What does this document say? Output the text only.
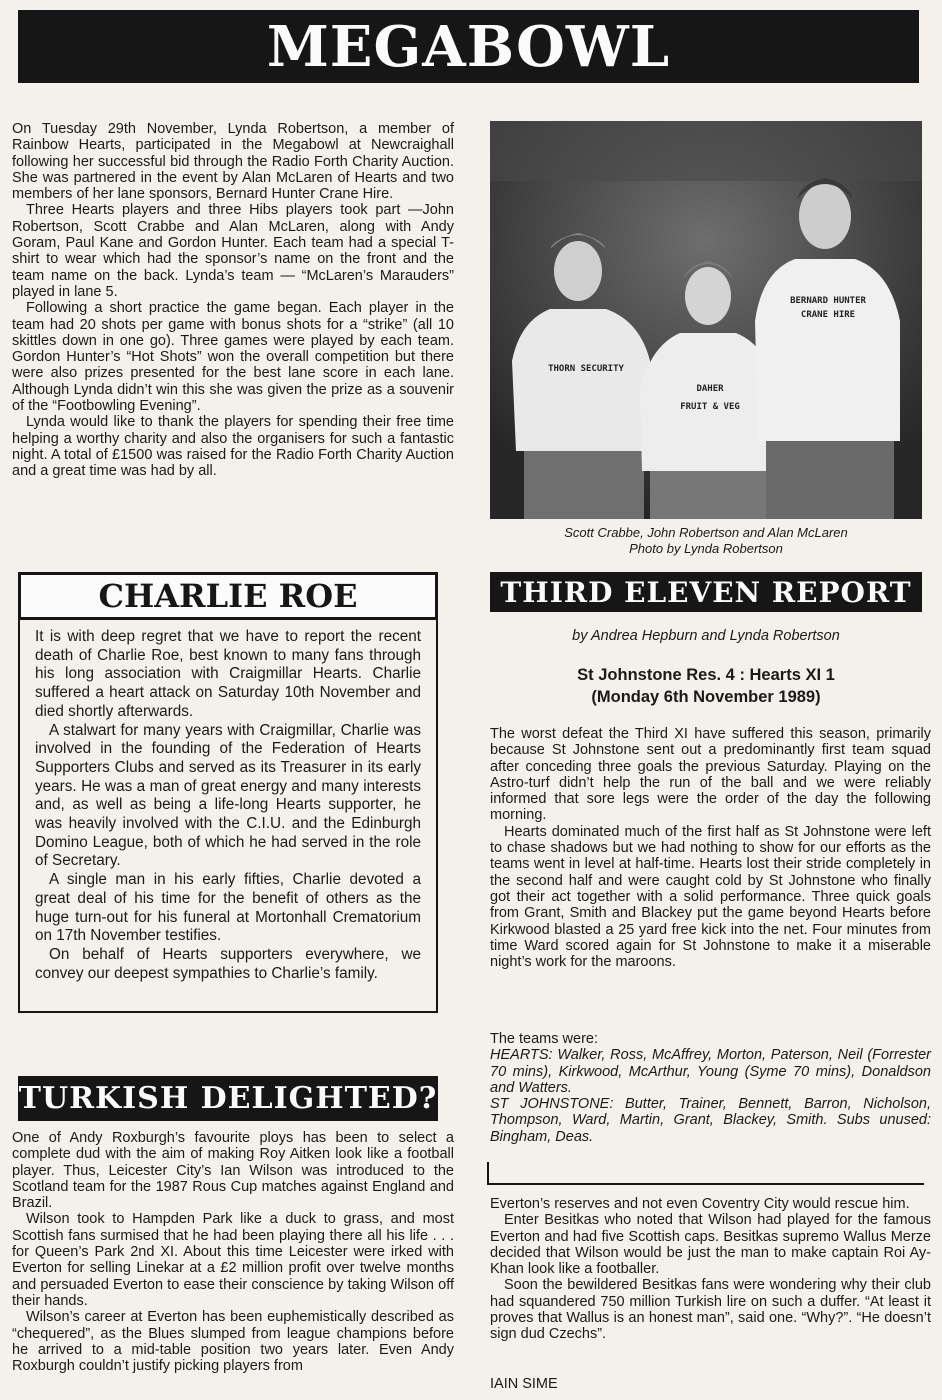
MEGABOWL

On Tuesday 29th November, Lynda Robertson, a member of Rainbow Hearts, participated in the Megabowl at Newcraighall following her successful bid through the Radio Forth Charity Auction. She was partnered in the event by Alan McLaren of Hearts and two members of her lane sponsors, Bernard Hunter Crane Hire.

Three Hearts players and three Hibs players took part —John Robertson, Scott Crabbe and Alan McLaren, along with Andy Goram, Paul Kane and Gordon Hunter. Each team had a special T-shirt to wear which had the sponsor’s name on the front and the team name on the back. Lynda’s team — “McLaren’s Marauders” played in lane 5.

Following a short practice the game began. Each player in the team had 20 shots per game with bonus shots for a “strike” (all 10 skittles down in one go). Three games were played by each team. Gordon Hunter’s “Hot Shots” won the overall competition but there were also prizes presented for the best lane score in each lane. Although Lynda didn’t win this she was given the prize as a souvenir of the “Footbowling Evening”.

Lynda would like to thank the players for spending their free time helping a worthy charity and also the organisers for such a fantastic night. A total of £1500 was raised for the Radio Forth Charity Auction and a great time was had by all.

THORN SECURITY
DAHER
FRUIT & VEG
BERNARD HUNTER
CRANE HIRE
Scott Crabbe, John Robertson and Alan McLaren
Photo by Lynda Robertson
CHARLIE ROE

It is with deep regret that we have to report the recent death of Charlie Roe, best known to many fans through his long association with Craigmillar Hearts. Charlie suffered a heart attack on Saturday 10th November and died shortly afterwards.

A stalwart for many years with Craigmillar, Charlie was involved in the founding of the Federation of Hearts Supporters Clubs and served as its Treasurer in its early years. He was a man of great energy and many interests and, as well as being a life-long Hearts supporter, he was heavily involved with the C.I.U. and the Edinburgh Domino League, both of which he had served in the role of Secretary.

A single man in his early fifties, Charlie devoted a great deal of his time for the benefit of others as the huge turn-out for his funeral at Mortonhall Crematorium on 17th November testifies.

On behalf of Hearts supporters everywhere, we convey our deepest sympathies to Charlie’s family.

THIRD ELEVEN REPORT
by Andrea Hepburn and Lynda Robertson
St Johnstone Res. 4 : Hearts XI 1
(Monday 6th November 1989)

The worst defeat the Third XI have suffered this season, primarily because St Johnstone sent out a predominantly first team squad after conceding three goals the previous Saturday. Playing on the Astro-turf didn’t help the run of the ball and we were reliably informed that sore legs were the order of the day the following morning.

Hearts dominated much of the first half as St Johnstone were left to chase shadows but we had nothing to show for our efforts as the teams went in level at half-time. Hearts lost their stride completely in the second half and were caught cold by St Johnstone who finally got their act together with a solid performance. Three quick goals from Grant, Smith and Blackey put the game beyond Hearts before Kirkwood blasted a 25 yard free kick into the net. Four minutes from time Ward scored again for St Johnstone to make it a miserable night’s work for the maroons.

The teams were:

HEARTS: Walker, Ross, McAffrey, Morton, Paterson, Neil (Forrester 70 mins), Kirkwood, McArthur, Young (Syme 70 mins), Donaldson and Watters.

ST JOHNSTONE: Butter, Trainer, Bennett, Barron, Nicholson, Thompson, Ward, Martin, Grant, Blackey, Smith. Subs unused: Bingham, Deas.

TURKISH DELIGHTED?

One of Andy Roxburgh’s favourite ploys has been to select a complete dud with the aim of making Roy Aitken look like a football player. Thus, Leicester City’s Ian Wilson was introduced to the Scotland team for the 1987 Rous Cup matches against England and Brazil.

Wilson took to Hampden Park like a duck to grass, and most Scottish fans surmised that he had been playing there all his life . . . for Queen’s Park 2nd XI. About this time Leicester were irked with Everton for selling Linekar at a £2 million profit over twelve months and persuaded Everton to ease their conscience by taking Wilson off their hands.

Wilson’s career at Everton has been euphemistically described as “chequered”, as the Blues slumped from league champions before he arrived to a mid-table position two years later. Even Andy Roxburgh couldn’t justify picking players from

Everton’s reserves and not even Coventry City would rescue him.

Enter Besitkas who noted that Wilson had played for the famous Everton and had five Scottish caps. Besitkas supremo Wallus Merze decided that Wilson would be just the man to make captain Roi Ay-Khan look like a footballer.

Soon the bewildered Besitkas fans were wondering why their club had squandered 750 million Turkish lire on such a duffer. “At least it proves that Wallus is an honest man”, said one. “Why?”. “He doesn’t sign dud Czechs”.

IAIN SIME
